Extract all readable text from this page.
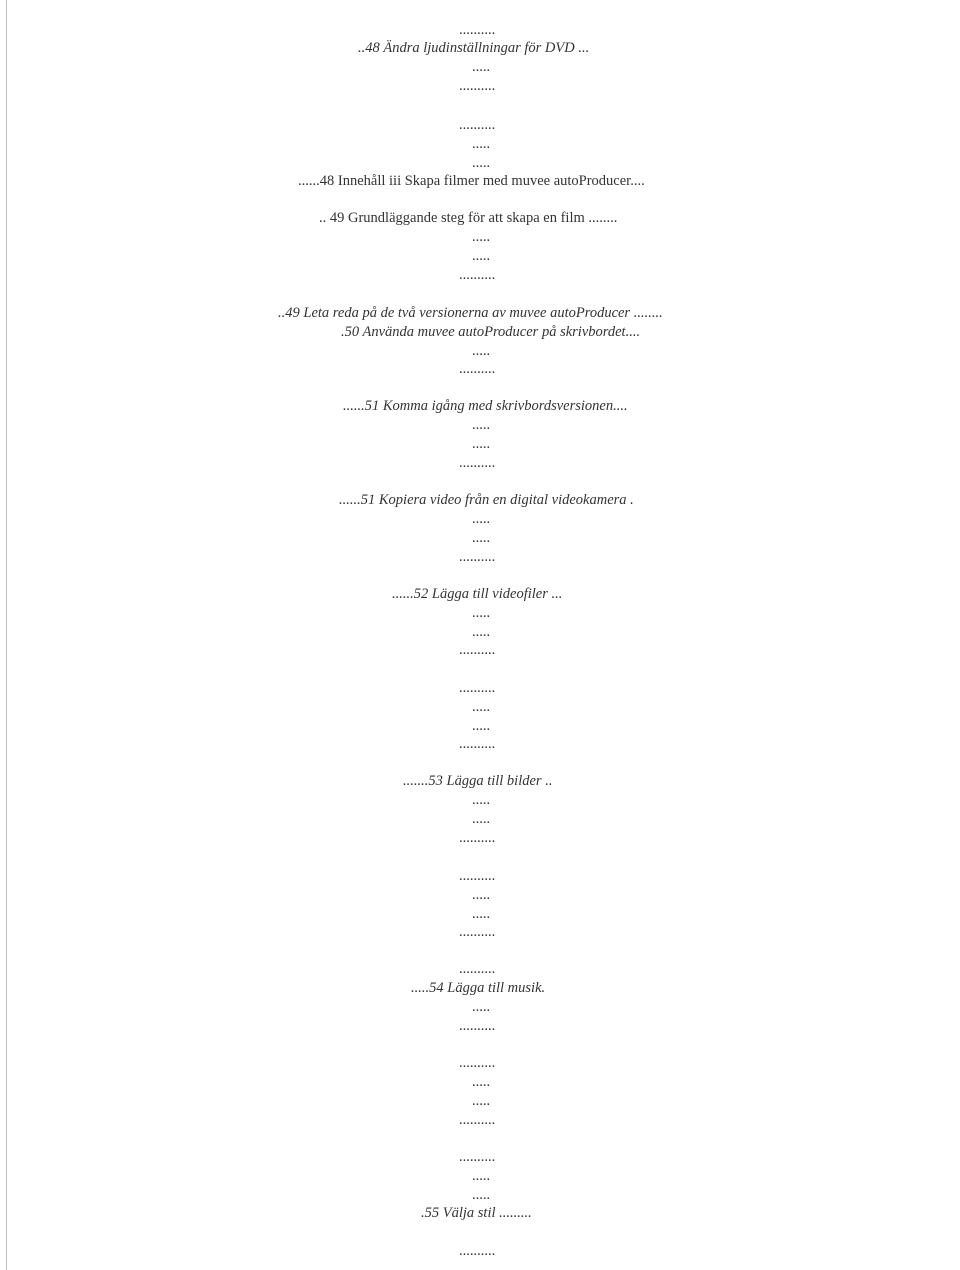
..........
..48 Ändra ljudinställningar för DVD ...
.....
..........
..........
.....
.....
......48 Innehåll iii Skapa filmer med muvee autoProducer....
.. 49 Grundläggande steg för att skapa en film ........
.....
.....
..........
..49 Leta reda på de två versionerna av muvee autoProducer ........
.50 Använda muvee autoProducer på skrivbordet....
.....
..........
......51 Komma igång med skrivbordsversionen....
.....
.....
..........
......51 Kopiera video från en digital videokamera .
.....
.....
..........
......52 Lägga till videofiler ...
.....
.....
..........
..........
.....
.....
..........
.......53 Lägga till bilder ..
.....
.....
..........
..........
.....
.....
..........
..........
.....54 Lägga till musik.
.....
..........
..........
.....
.....
..........
..........
.....
.....
.55 Välja stil .........
..........
